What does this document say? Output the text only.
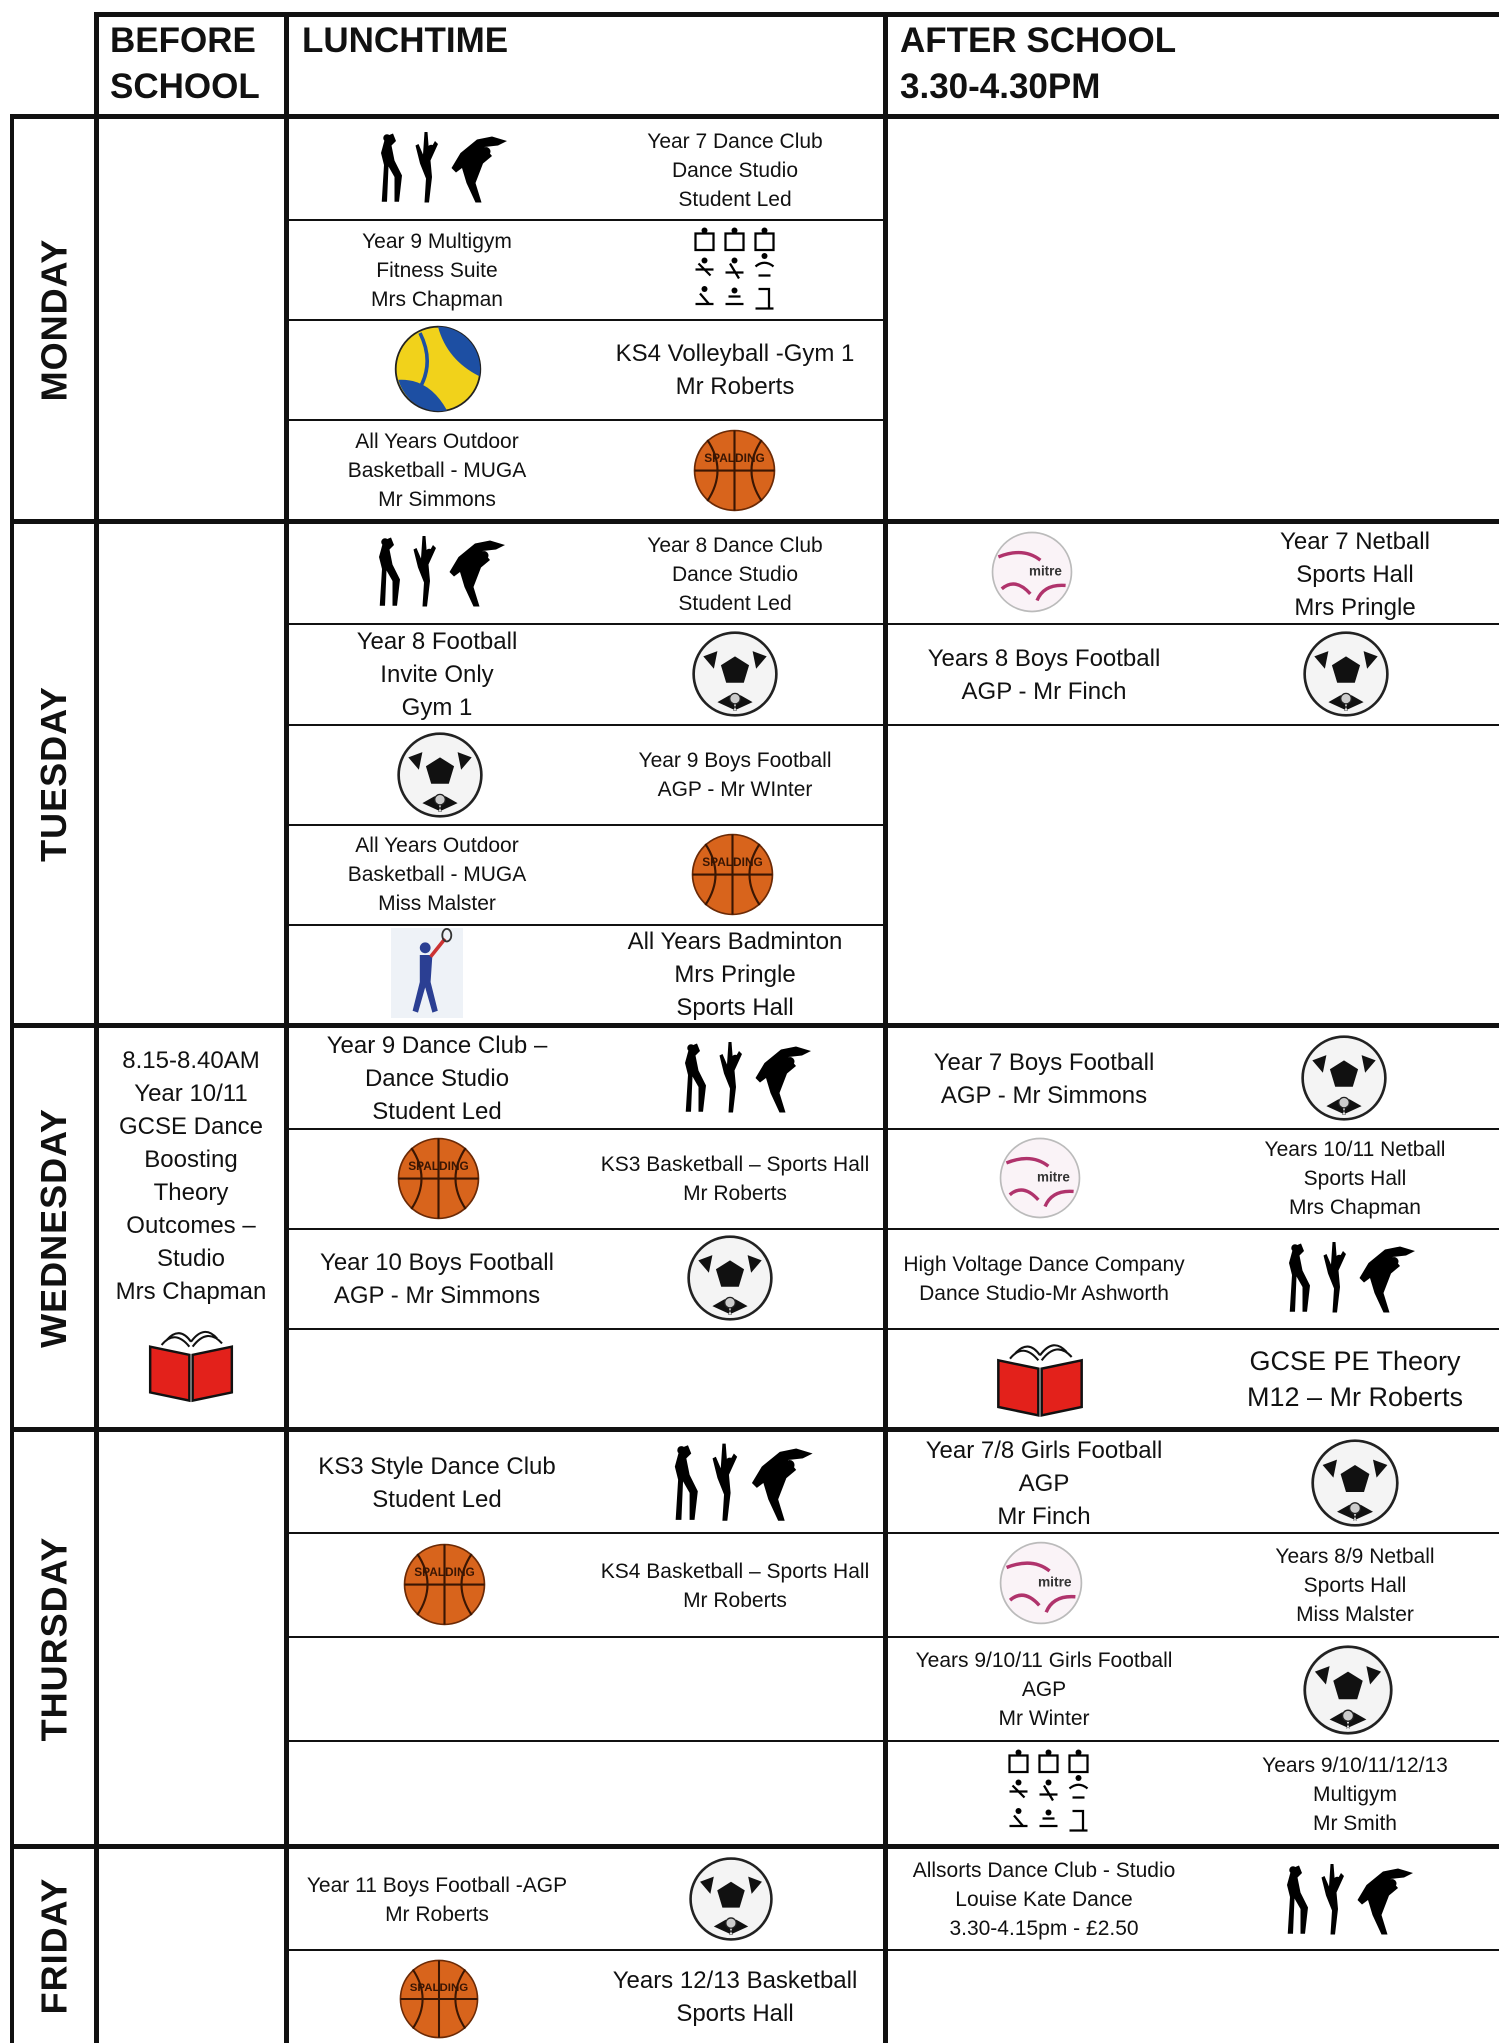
BEFORE
SCHOOL
LUNCHTIME	AFTER SCHOOL
3.30-4.30PM
MONDAY
TUESDAY
WEDNESDAY
THURSDAY
FRIDAY
Year 7 Dance Club
Dance Studio
Student Led
Year 9 Multigym
Fitness Suite
Mrs Chapman
KS4 Volleyball -Gym 1
Mr Roberts
All Years Outdoor
Basketball - MUGA
Mr Simmons
Year 8 Dance Club
Dance Studio
Student Led
Year 8 Football
Invite Only
Gym 1
Year 9 Boys Football
AGP - Mr WInter
All Years Outdoor
Basketball - MUGA
Miss Malster
All Years Badminton
Mrs Pringle
Sports Hall
Year 7 Netball
Sports Hall
Mrs Pringle
Years 8 Boys Football
AGP - Mr Finch
8.15-8.40AM
Year 10/11
GCSE Dance
Boosting
Theory
Outcomes –
Studio
Mrs Chapman
Year 9 Dance Club –
Dance Studio
Student Led
KS3 Basketball – Sports Hall
Mr Roberts
Year 10 Boys Football
AGP - Mr Simmons
Year 7 Boys Football
AGP - Mr Simmons
Years 10/11 Netball
Sports Hall
Mrs Chapman
High Voltage Dance Company
Dance Studio-Mr Ashworth
GCSE PE Theory
M12 – Mr Roberts
KS3 Style Dance Club
Student Led
KS4 Basketball – Sports Hall
Mr Roberts
Year 7/8 Girls Football
AGP
Mr Finch
Years 8/9 Netball
Sports Hall
Miss Malster
Years 9/10/11 Girls Football
AGP
Mr Winter
Years 9/10/11/12/13
Multigym
Mr Smith
Year 11 Boys Football -AGP
Mr Roberts
Years 12/13 Basketball
Sports Hall
Allsorts Dance Club - Studio
Louise Kate Dance
3.30-4.15pm - £2.50
